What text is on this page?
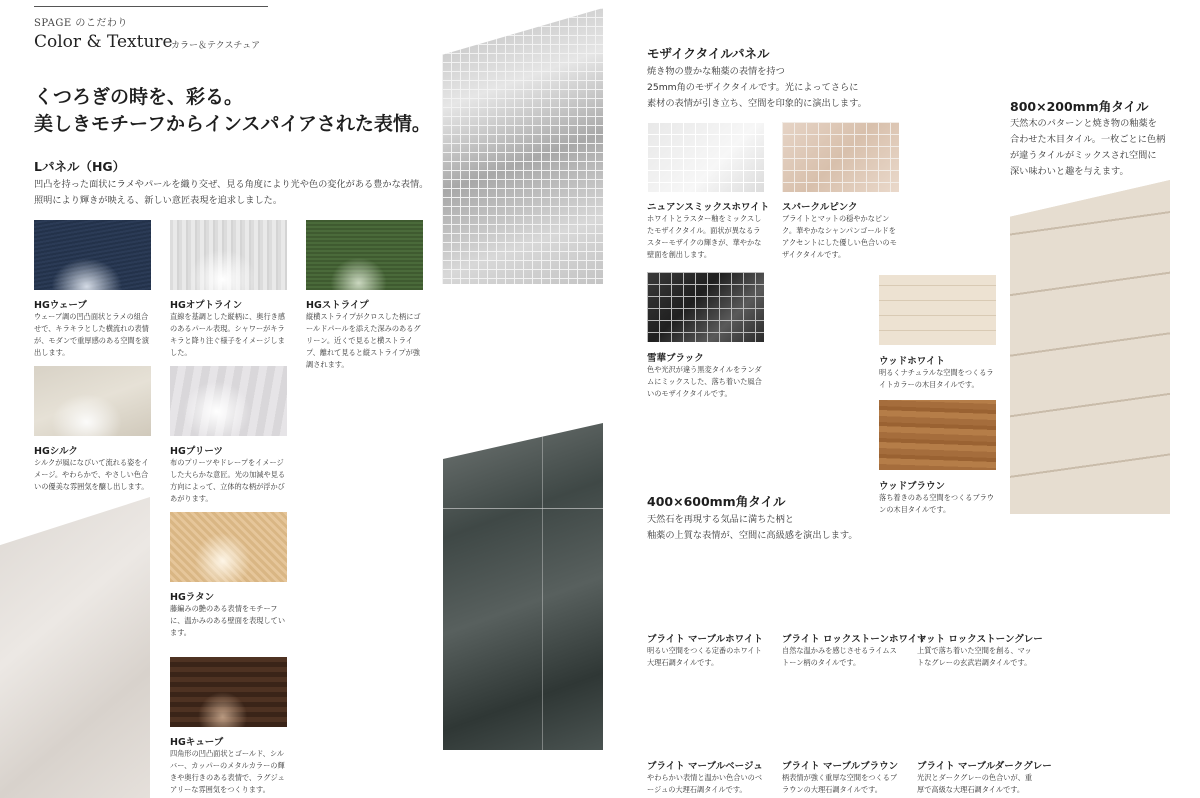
SPAGE のこだわり
Color & Texture
カラー＆テクスチュア
くつろぎの時を、彩る。
美しきモチーフからインスパイアされた表情。
Lパネル（HG）
凹凸を持った面状にラメやパールを織り交ぜ、見る角度により光や色の変化がある豊かな表情。
照明により輝きが映える、新しい意匠表現を追求しました。
HGウェーブ
ウェーブ調の凹凸面状とラメの組合せで、キラキラとした横流れの表情が、モダンで重厚感のある空間を演出します。
HGオプトライン
直線を基調とした縦柄に、奥行き感のあるパール表現。シャワーがキラキラと降り注ぐ様子をイメージしました。
HGストライプ
縦横ストライプがクロスした柄にゴールドパールを添えた深みのあるグリーン。近くで見ると横ストライプ、離れて見ると縦ストライプが強調されます。
HGシルク
シルクが風になびいて流れる姿をイメージ。やわらかで、やさしい色合いの優美な雰囲気を醸し出します。
HGプリーツ
布のプリーツやドレープをイメージした大らかな意匠。光の加減や見る方向によって、立体的な柄が浮かびあがります。
HGラタン
藤編みの艶のある表情をモチーフに、温かみのある壁面を表現しています。
HGキューブ
四角形の凹凸面状とゴールド、シルバー、カッパーのメタルカラーの輝きや奥行きのある表情で、ラグジュアリーな雰囲気をつくります。
モザイクタイルパネル
焼き物の豊かな釉薬の表情を持つ
25mm角のモザイクタイルです。光によってさらに
素材の表情が引き立ち、空間を印象的に演出します。
ニュアンスミックスホワイト
ホワイトとラスター釉をミックスしたモザイクタイル。面状が異なるラスターモザイクの輝きが、華やかな壁面を創出します。
スパークルピンク
ブライトとマットの穏やかなピンク。華やかなシャンパンゴールドをアクセントにした優しい色合いのモザイクタイルです。
雪華ブラック
色や光沢が違う黒変タイルをランダムにミックスした、落ち着いた風合いのモザイクタイルです。
800×200mm角タイル
天然木のパターンと焼き物の釉薬を
合わせた木目タイル。一枚ごとに色柄
が違うタイルがミックスされ空間に
深い味わいと趣を与えます。
ウッドホワイト
明るくナチュラルな空間をつくるライトカラーの木目タイルです。
ウッドブラウン
落ち着きのある空間をつくるブラウンの木目タイルです。
400×600mm角タイル
天然石を再現する気品に満ちた柄と
釉薬の上質な表情が、空間に高級感を演出します。
ブライト マーブルホワイト
明るい空間をつくる定番のホワイト大理石調タイルです。
ブライト ロックストーンホワイト
自然な温かみを感じさせるライムストーン柄のタイルです。
マット ロックストーングレー
上質で落ち着いた空間を創る、マットなグレーの玄武岩調タイルです。
ブライト マーブルベージュ
やわらかい表情と温かい色合いのベージュの大理石調タイルです。
ブライト マーブルブラウン
柄表情が強く重厚な空間をつくるブラウンの大理石調タイルです。
ブライト マーブルダークグレー
光沢とダークグレーの色合いが、重厚で高級な大理石調タイルです。
